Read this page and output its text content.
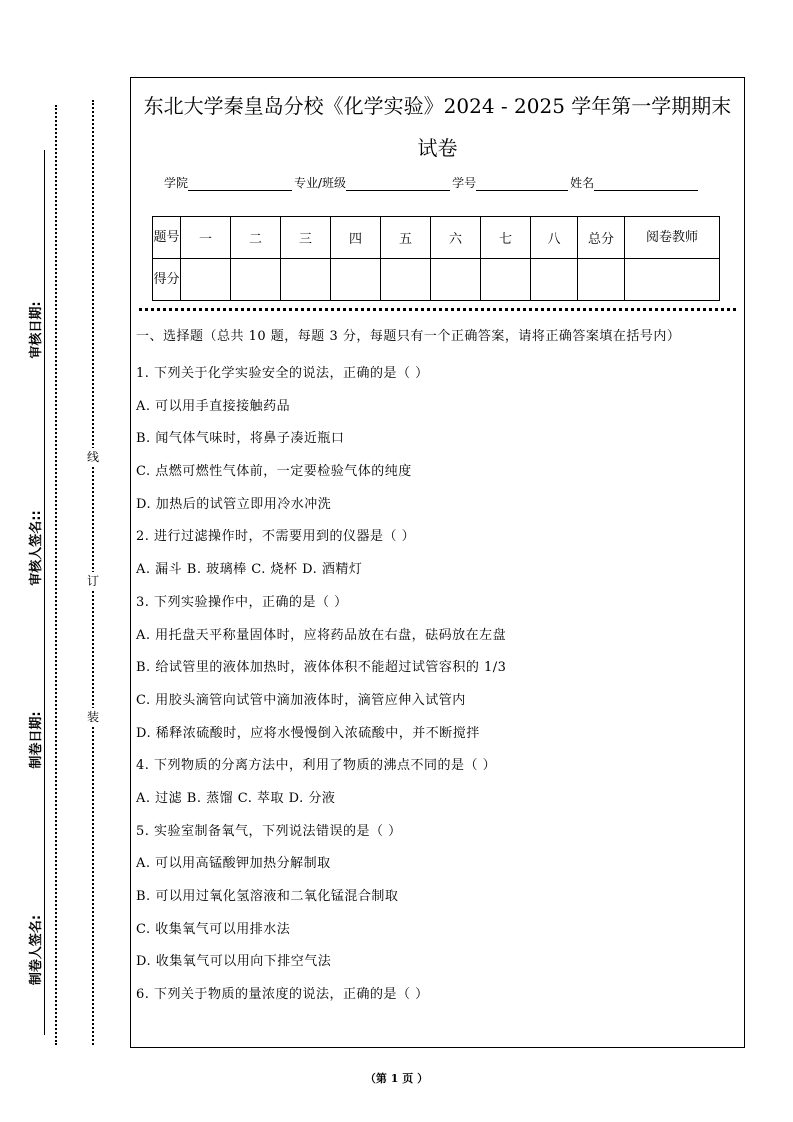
审核日期:
审核人签名::
制卷日期:
制卷人签名:
线
订
装
东北大学秦皇岛分校《化学实验》2024 - 2025 学年第一学期期末
试卷
学院	专业/班级	学号	姓名
题号	一	二	三	四	五	六	七	八	总分	阅卷教师
得分										
一、选择题（总共 10 题，每题 3 分，每题只有一个正确答案，请将正确答案填在括号内）
1. 下列关于化学实验安全的说法，正确的是（ ）
A. 可以用手直接接触药品
B. 闻气体气味时，将鼻子凑近瓶口
C. 点燃可燃性气体前，一定要检验气体的纯度
D. 加热后的试管立即用冷水冲洗
2. 进行过滤操作时，不需要用到的仪器是（ ）
A. 漏斗 B. 玻璃棒 C. 烧杯 D. 酒精灯
3. 下列实验操作中，正确的是（ ）
A. 用托盘天平称量固体时，应将药品放在右盘，砝码放在左盘
B. 给试管里的液体加热时，液体体积不能超过试管容积的 1/3
C. 用胶头滴管向试管中滴加液体时，滴管应伸入试管内
D. 稀释浓硫酸时，应将水慢慢倒入浓硫酸中，并不断搅拌
4. 下列物质的分离方法中，利用了物质的沸点不同的是（ ）
A. 过滤 B. 蒸馏 C. 萃取 D. 分液
5. 实验室制备氧气，下列说法错误的是（ ）
A. 可以用高锰酸钾加热分解制取
B. 可以用过氧化氢溶液和二氧化锰混合制取
C. 收集氧气可以用排水法
D. 收集氧气可以用向下排空气法
6. 下列关于物质的量浓度的说法，正确的是（ ）
（第 1 页 ）
